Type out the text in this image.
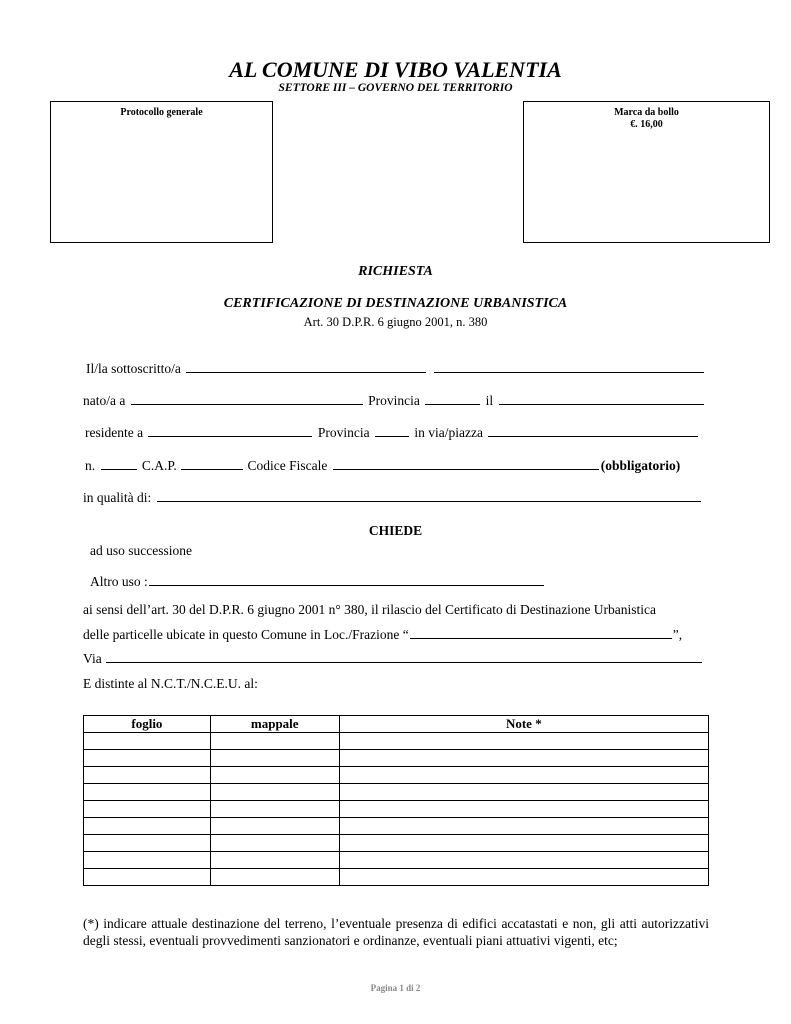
AL COMUNE DI VIBO VALENTIA
SETTORE III – GOVERNO DEL TERRITORIO
Protocollo generale	Marca da bollo
€. 16,00
RICHIESTA
CERTIFICAZIONE DI DESTINAZIONE URBANISTICA
Art. 30 D.P.R. 6 giugno 2001, n. 380
Il/la sottoscritto/a
nato/a a	Provincia	il
residente a	Provincia	in via/piazza
n.	C.A.P.	Codice Fiscale	(obbligatorio)
in qualità di:
CHIEDE
ad uso successione
Altro uso :
ai sensi dell’art. 30 del D.P.R. 6 giugno 2001 n° 380, il rilascio del Certificato di Destinazione Urbanistica
delle particelle ubicate in questo Comune in Loc./Frazione “	”,
Via
E distinte al N.C.T./N.C.E.U. al:
foglio	mappale	Note *

(*) indicare attuale destinazione del terreno, l’eventuale presenza di edifici accatastati e non, gli atti autorizzativi degli stessi, eventuali provvedimenti sanzionatori e ordinanze, eventuali piani attuativi vigenti, etc;
Pagina 1 di 2
